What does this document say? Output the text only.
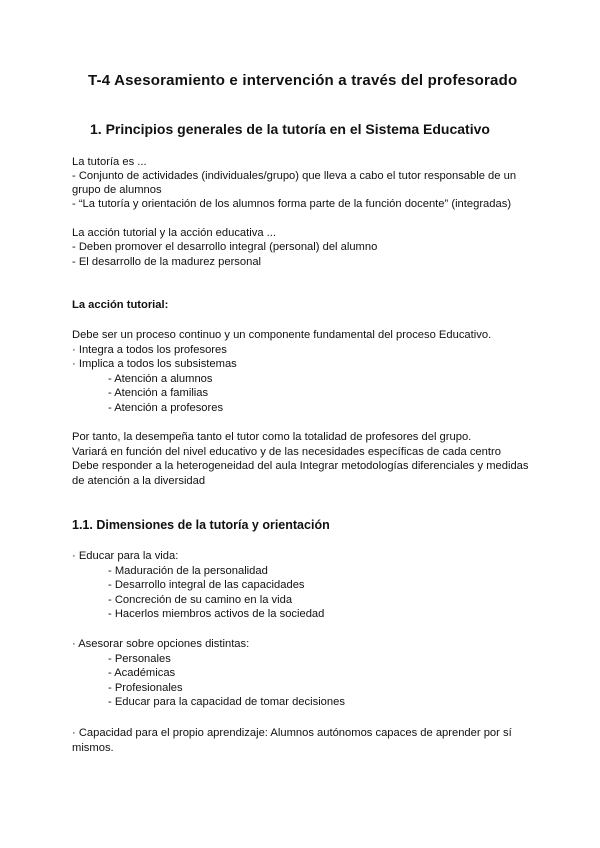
T-4 Asesoramiento e intervención a través del profesorado
1. Principios generales de la tutoría en el Sistema Educativo
La tutoría es ...
- Conjunto de actividades (individuales/grupo) que lleva a cabo el tutor responsable de un
grupo de alumnos
- “La tutoría y orientación de los alumnos forma parte de la función docente” (integradas)
La acción tutorial y la acción educativa ...
- Deben promover el desarrollo integral (personal) del alumno
- El desarrollo de la madurez personal
La acción tutorial:
Debe ser un proceso continuo y un componente fundamental del proceso Educativo.
· Integra a todos los profesores
· Implica a todos los subsistemas
- Atención a alumnos
- Atención a familias
- Atención a profesores
Por tanto, la desempeña tanto el tutor como la totalidad de profesores del grupo.
Variará en función del nivel educativo y de las necesidades específicas de cada centro
Debe responder a la heterogeneidad del aula Integrar metodologías diferenciales y medidas
de atención a la diversidad
1.1. Dimensiones de la tutoría y orientación
· Educar para la vida:
- Maduración de la personalidad
- Desarrollo integral de las capacidades
- Concreción de su camino en la vida
- Hacerlos miembros activos de la sociedad
· Asesorar sobre opciones distintas:
- Personales
- Académicas
- Profesionales
- Educar para la capacidad de tomar decisiones
· Capacidad para el propio aprendizaje: Alumnos autónomos capaces de aprender por sí
mismos.
